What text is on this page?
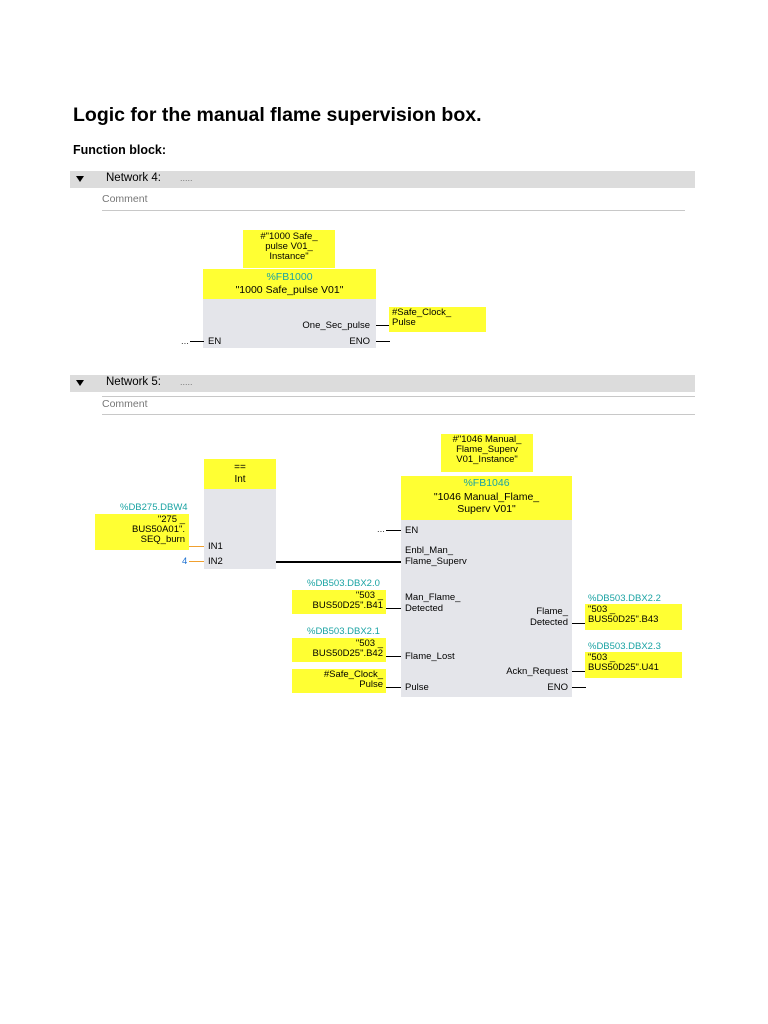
Logic for the manual flame supervision box.
Function block:
Network 4: .....
Comment
#"1000 Safe_
pulse V01_
Instance"
%FB1000
"1000 Safe_pulse V01"
One_Sec_pulse
#Safe_Clock_
Pulse
... EN	ENO
Network 5: .....
Comment
==
Int
%DB275.DBW4
"275 _
BUS50A01".
SEQ_burn
IN1
4 IN2
#"1046 Manual_
Flame_Superv
V01_Instance"
%FB1046
"1046 Manual_Flame_
Superv V01"
... EN
Enbl_Man_
Flame_Superv
%DB503.DBX2.0
"503 _
BUS50D25".B41
Man_Flame_
Detected
%DB503.DBX2.1
"503 _
BUS50D25".B42 Flame_Lost
#Safe_Clock_
Pulse Pulse
Flame_
Detected
%DB503.DBX2.2
"503 _
BUS50D25".B43
Ackn_Request
%DB503.DBX2.3
"503 _
BUS50D25".U41
ENO
